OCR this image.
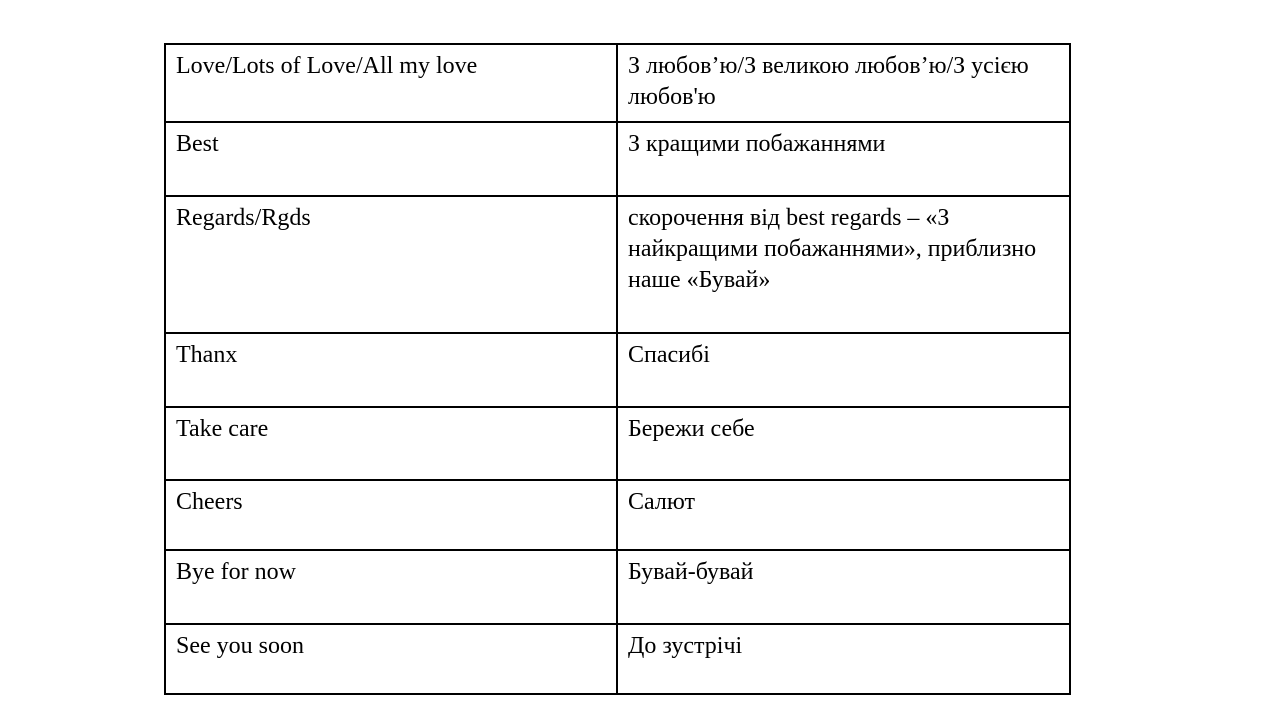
Love/Lots of Love/All my love	З любов’ю/З великою любов’ю/З усією любов'ю
Best	З кращими побажаннями
Regards/Rgds	скорочення від best regards – «З найкращими побажаннями», приблизно наше «Бувай»
Thanx	Спасибі
Take care	Бережи себе
Cheers	Салют
Bye for now	Бувай-бувай
See you soon	До зустрічі
